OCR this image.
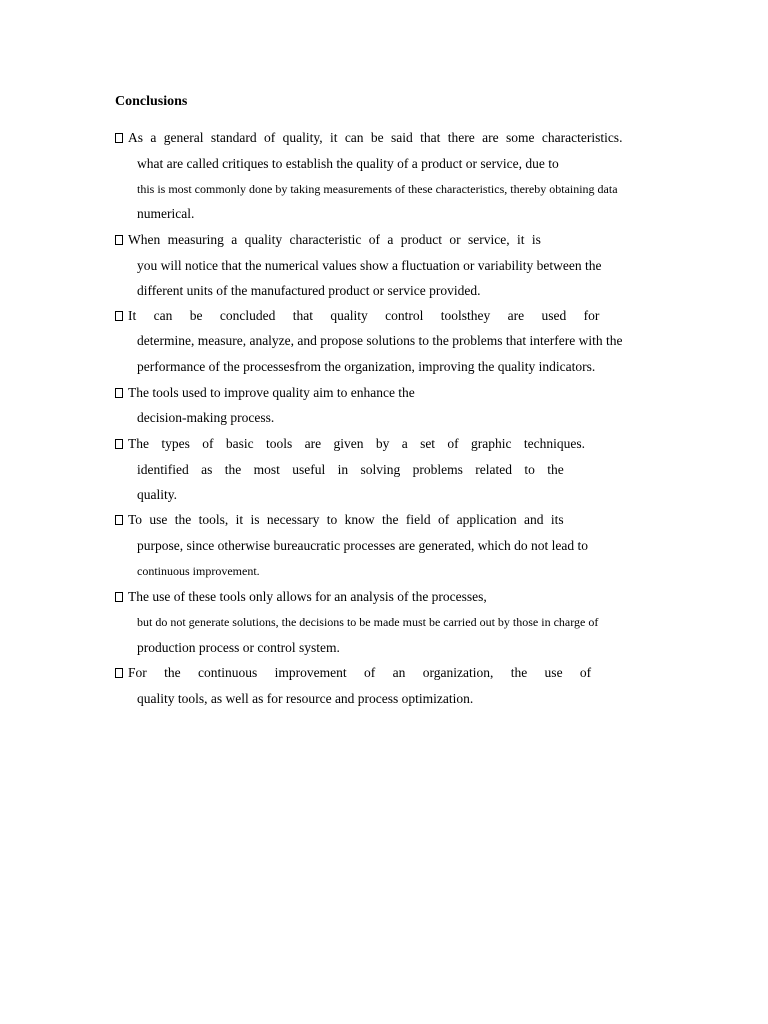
Conclusions
As a general standard of quality, it can be said that there are some characteristics.
what are called critiques to establish the quality of a product or service, due to
this is most commonly done by taking measurements of these characteristics, thereby obtaining data
numerical.
When measuring a quality characteristic of a product or service, it is
you will notice that the numerical values show a fluctuation or variability between the
different units of the manufactured product or service provided.
It can be concluded that quality control toolsthey are used for
determine, measure, analyze, and propose solutions to the problems that interfere with the
performance of the processesfrom the organization, improving the quality indicators.
The tools used to improve quality aim to enhance the
decision-making process.
The types of basic tools are given by a set of graphic techniques.
identified as the most useful in solving problems related to the
quality.
To use the tools, it is necessary to know the field of application and its
purpose, since otherwise bureaucratic processes are generated, which do not lead to
continuous improvement.
The use of these tools only allows for an analysis of the processes,
but do not generate solutions, the decisions to be made must be carried out by those in charge of
production process or control system.
For the continuous improvement of an organization, the use of
quality tools, as well as for resource and process optimization.
